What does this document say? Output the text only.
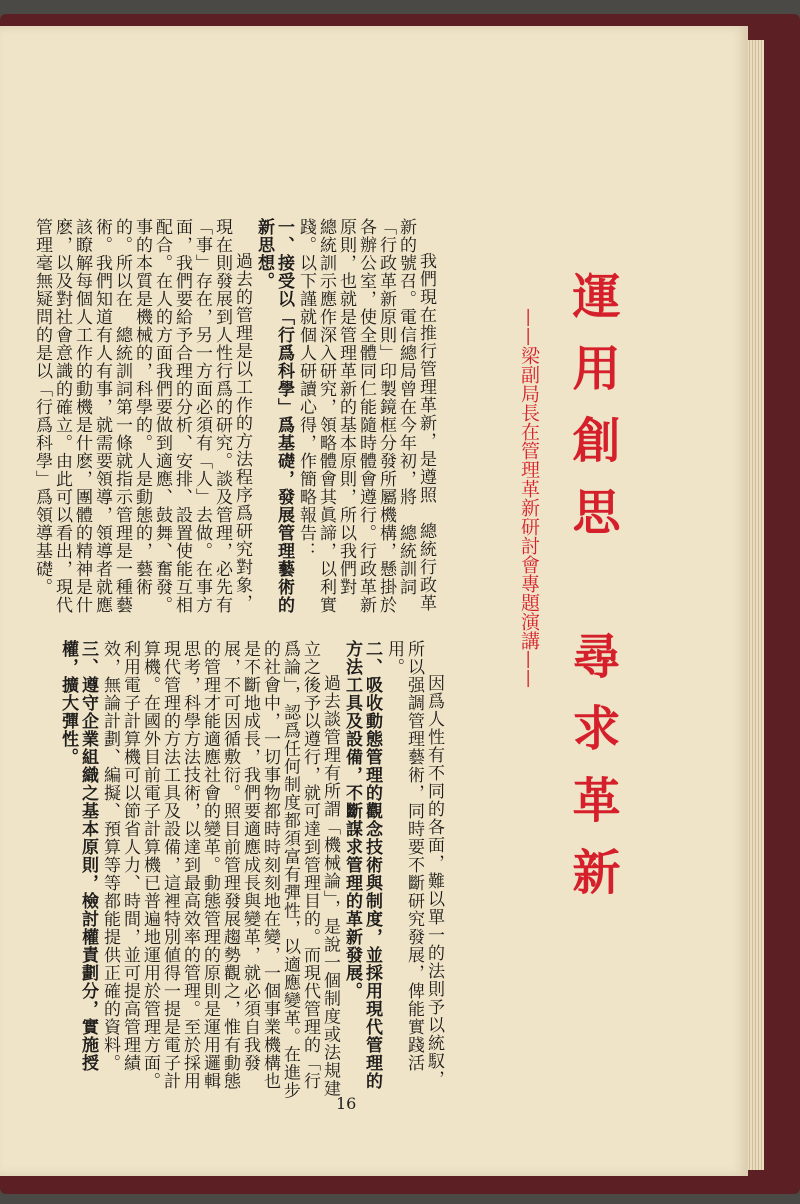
運用創思　尋求革新
——梁副局長在管理革新研討會專題演講——

我們現在推行管理革新，是遵照　總統行政革新的號召。電信總局曾在今年初，將　總統訓詞「行政革新原則」印製鏡框分發所屬機構，懸掛於各辦公室，使全體同仁能隨時體會遵行。行政革新原則，也就是管理革新的基本原則，所以我們對　總統訓示應作深入研究，領略體會其眞諦，以利實踐。以下謹就個人研讀心得，作簡略報告：

一、接受以「行爲科學」爲基礎，發展管理藝術的新思想。

過去的管理是以工作的方法程序爲研究對象，現在則發展到人性行爲的研究。談及管理，必先有「事」存在，另一方面必須有「人」去做。在事方面，我們要給予合理的分析、安排、設置使能互相配合。在人的方面我們要做到適應、鼓舞、奮發。事的本質是機械的，科學的。人是動態的，藝術的。所以在　總統訓詞第一條就指示管理是一種藝術。我們知道有人有事，就需要領導，領導者就應該瞭解每個人工作的動機是什麽，團體的精神是什麽，以及對社會意識的確立。由此可以看出，現代管理毫無疑問的是以「行爲科學」爲領導基礎。

因爲人性有不同的各面，難以單一的法則予以統馭，所以强調管理藝術，同時要不斷研究發展，俾能實踐活用。

二、吸收動態管理的觀念技術與制度，並採用現代管理的方法工具及設備，不斷謀求管理的革新發展。

過去談管理有所謂「機械論」，是說一個制度或法規建立之後予以遵行，就可達到管理目的。而現代管理的「行爲論」，認爲任何制度都須富有彈性，以適應變革。在進步的社會中，一切事物都時時刻刻地在變，一個事業機構也是不斷地成長，我們要適應成長與變革，就必須自我發展，不可因循敷衍。照目前管理發展趨勢觀之，惟有動態的管理才能適應社會的變革。動態管理的原則是運用邏輯思考，科學方法技術，以達到最高效率的管理。至於採用現代管理的方法工具及設備，這裡特別値得一提是電子計算機。在國外目前電子計算機已普遍地運用於管理方面。利用電子計算機可以節省人力、時間，並可提高管理績效，無論計劃、編擬、預算等等都能提供正確的資料。

三、遵守企業組織之基本原則，檢討權責劃分，實施授權，擴大彈性。
16
